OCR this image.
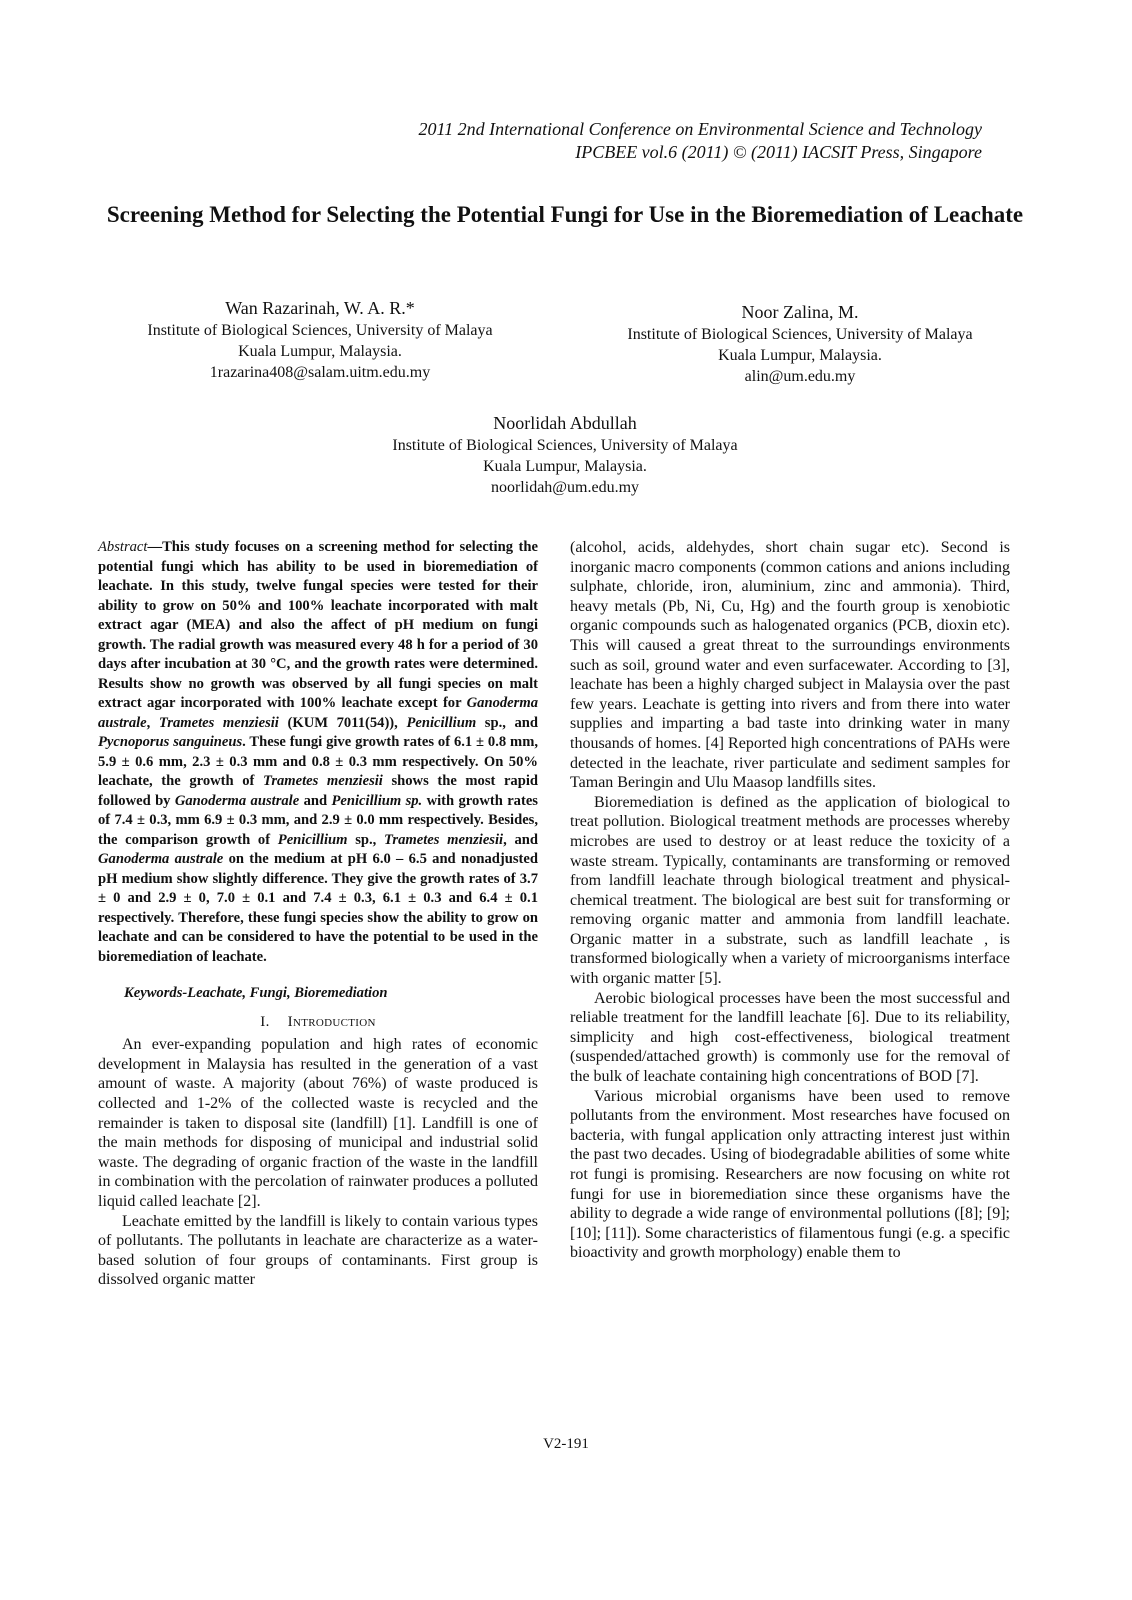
2011 2nd International Conference on Environmental Science and Technology
IPCBEE vol.6 (2011) © (2011) IACSIT Press, Singapore
Screening Method for Selecting the Potential Fungi for Use in the Bioremediation of Leachate
Wan Razarinah, W. A. R.*
Institute of Biological Sciences, University of Malaya
Kuala Lumpur, Malaysia.
1razarina408@salam.uitm.edu.my
Noor Zalina, M.
Institute of Biological Sciences, University of Malaya
Kuala Lumpur, Malaysia.
alin@um.edu.my
Noorlidah Abdullah
Institute of Biological Sciences, University of Malaya
Kuala Lumpur, Malaysia.
noorlidah@um.edu.my

Abstract—This study focuses on a screening method for selecting the potential fungi which has ability to be used in bioremediation of leachate. In this study, twelve fungal species were tested for their ability to grow on 50% and 100% leachate incorporated with malt extract agar (MEA) and also the affect of pH medium on fungi growth. The radial growth was measured every 48 h for a period of 30 days after incubation at 30 °C, and the growth rates were determined. Results show no growth was observed by all fungi species on malt extract agar incorporated with 100% leachate except for Ganoderma australe, Trametes menziesii (KUM 7011(54)), Penicillium sp., and Pycnoporus sanguineus. These fungi give growth rates of 6.1 ± 0.8 mm, 5.9 ± 0.6 mm, 2.3 ± 0.3 mm and 0.8 ± 0.3 mm respectively. On 50% leachate, the growth of Trametes menziesii shows the most rapid followed by Ganoderma australe and Penicillium sp. with growth rates of 7.4 ± 0.3, mm 6.9 ± 0.3 mm, and 2.9 ± 0.0 mm respectively. Besides, the comparison growth of Penicillium sp., Trametes menziesii, and Ganoderma australe on the medium at pH 6.0 – 6.5 and nonadjusted pH medium show slightly difference. They give the growth rates of 3.7 ± 0 and 2.9 ± 0, 7.0 ± 0.1 and 7.4 ± 0.3, 6.1 ± 0.3 and 6.4 ± 0.1 respectively. Therefore, these fungi species show the ability to grow on leachate and can be considered to have the potential to be used in the bioremediation of leachate.

Keywords-Leachate, Fungi, Bioremediation

I. Introduction

An ever-expanding population and high rates of economic development in Malaysia has resulted in the generation of a vast amount of waste. A majority (about 76%) of waste produced is collected and 1-2% of the collected waste is recycled and the remainder is taken to disposal site (landfill) [1]. Landfill is one of the main methods for disposing of municipal and industrial solid waste. The degrading of organic fraction of the waste in the landfill in combination with the percolation of rainwater produces a polluted liquid called leachate [2].

Leachate emitted by the landfill is likely to contain various types of pollutants. The pollutants in leachate are characterize as a water-based solution of four groups of contaminants. First group is dissolved organic matter

(alcohol, acids, aldehydes, short chain sugar etc). Second is inorganic macro components (common cations and anions including sulphate, chloride, iron, aluminium, zinc and ammonia). Third, heavy metals (Pb, Ni, Cu, Hg) and the fourth group is xenobiotic organic compounds such as halogenated organics (PCB, dioxin etc). This will caused a great threat to the surroundings environments such as soil, ground water and even surfacewater. According to [3], leachate has been a highly charged subject in Malaysia over the past few years. Leachate is getting into rivers and from there into water supplies and imparting a bad taste into drinking water in many thousands of homes. [4] Reported high concentrations of PAHs were detected in the leachate, river particulate and sediment samples for Taman Beringin and Ulu Maasop landfills sites.

Bioremediation is defined as the application of biological to treat pollution. Biological treatment methods are processes whereby microbes are used to destroy or at least reduce the toxicity of a waste stream. Typically, contaminants are transforming or removed from landfill leachate through biological treatment and physical-chemical treatment. The biological are best suit for transforming or removing organic matter and ammonia from landfill leachate. Organic matter in a substrate, such as landfill leachate , is transformed biologically when a variety of microorganisms interface with organic matter [5].

Aerobic biological processes have been the most successful and reliable treatment for the landfill leachate [6]. Due to its reliability, simplicity and high cost-effectiveness, biological treatment (suspended/attached growth) is commonly use for the removal of the bulk of leachate containing high concentrations of BOD [7].

Various microbial organisms have been used to remove pollutants from the environment. Most researches have focused on bacteria, with fungal application only attracting interest just within the past two decades. Using of biodegradable abilities of some white rot fungi is promising. Researchers are now focusing on white rot fungi for use in bioremediation since these organisms have the ability to degrade a wide range of environmental pollutions ([8]; [9]; [10]; [11]). Some characteristics of filamentous fungi (e.g. a specific bioactivity and growth morphology) enable them to

V2-191
